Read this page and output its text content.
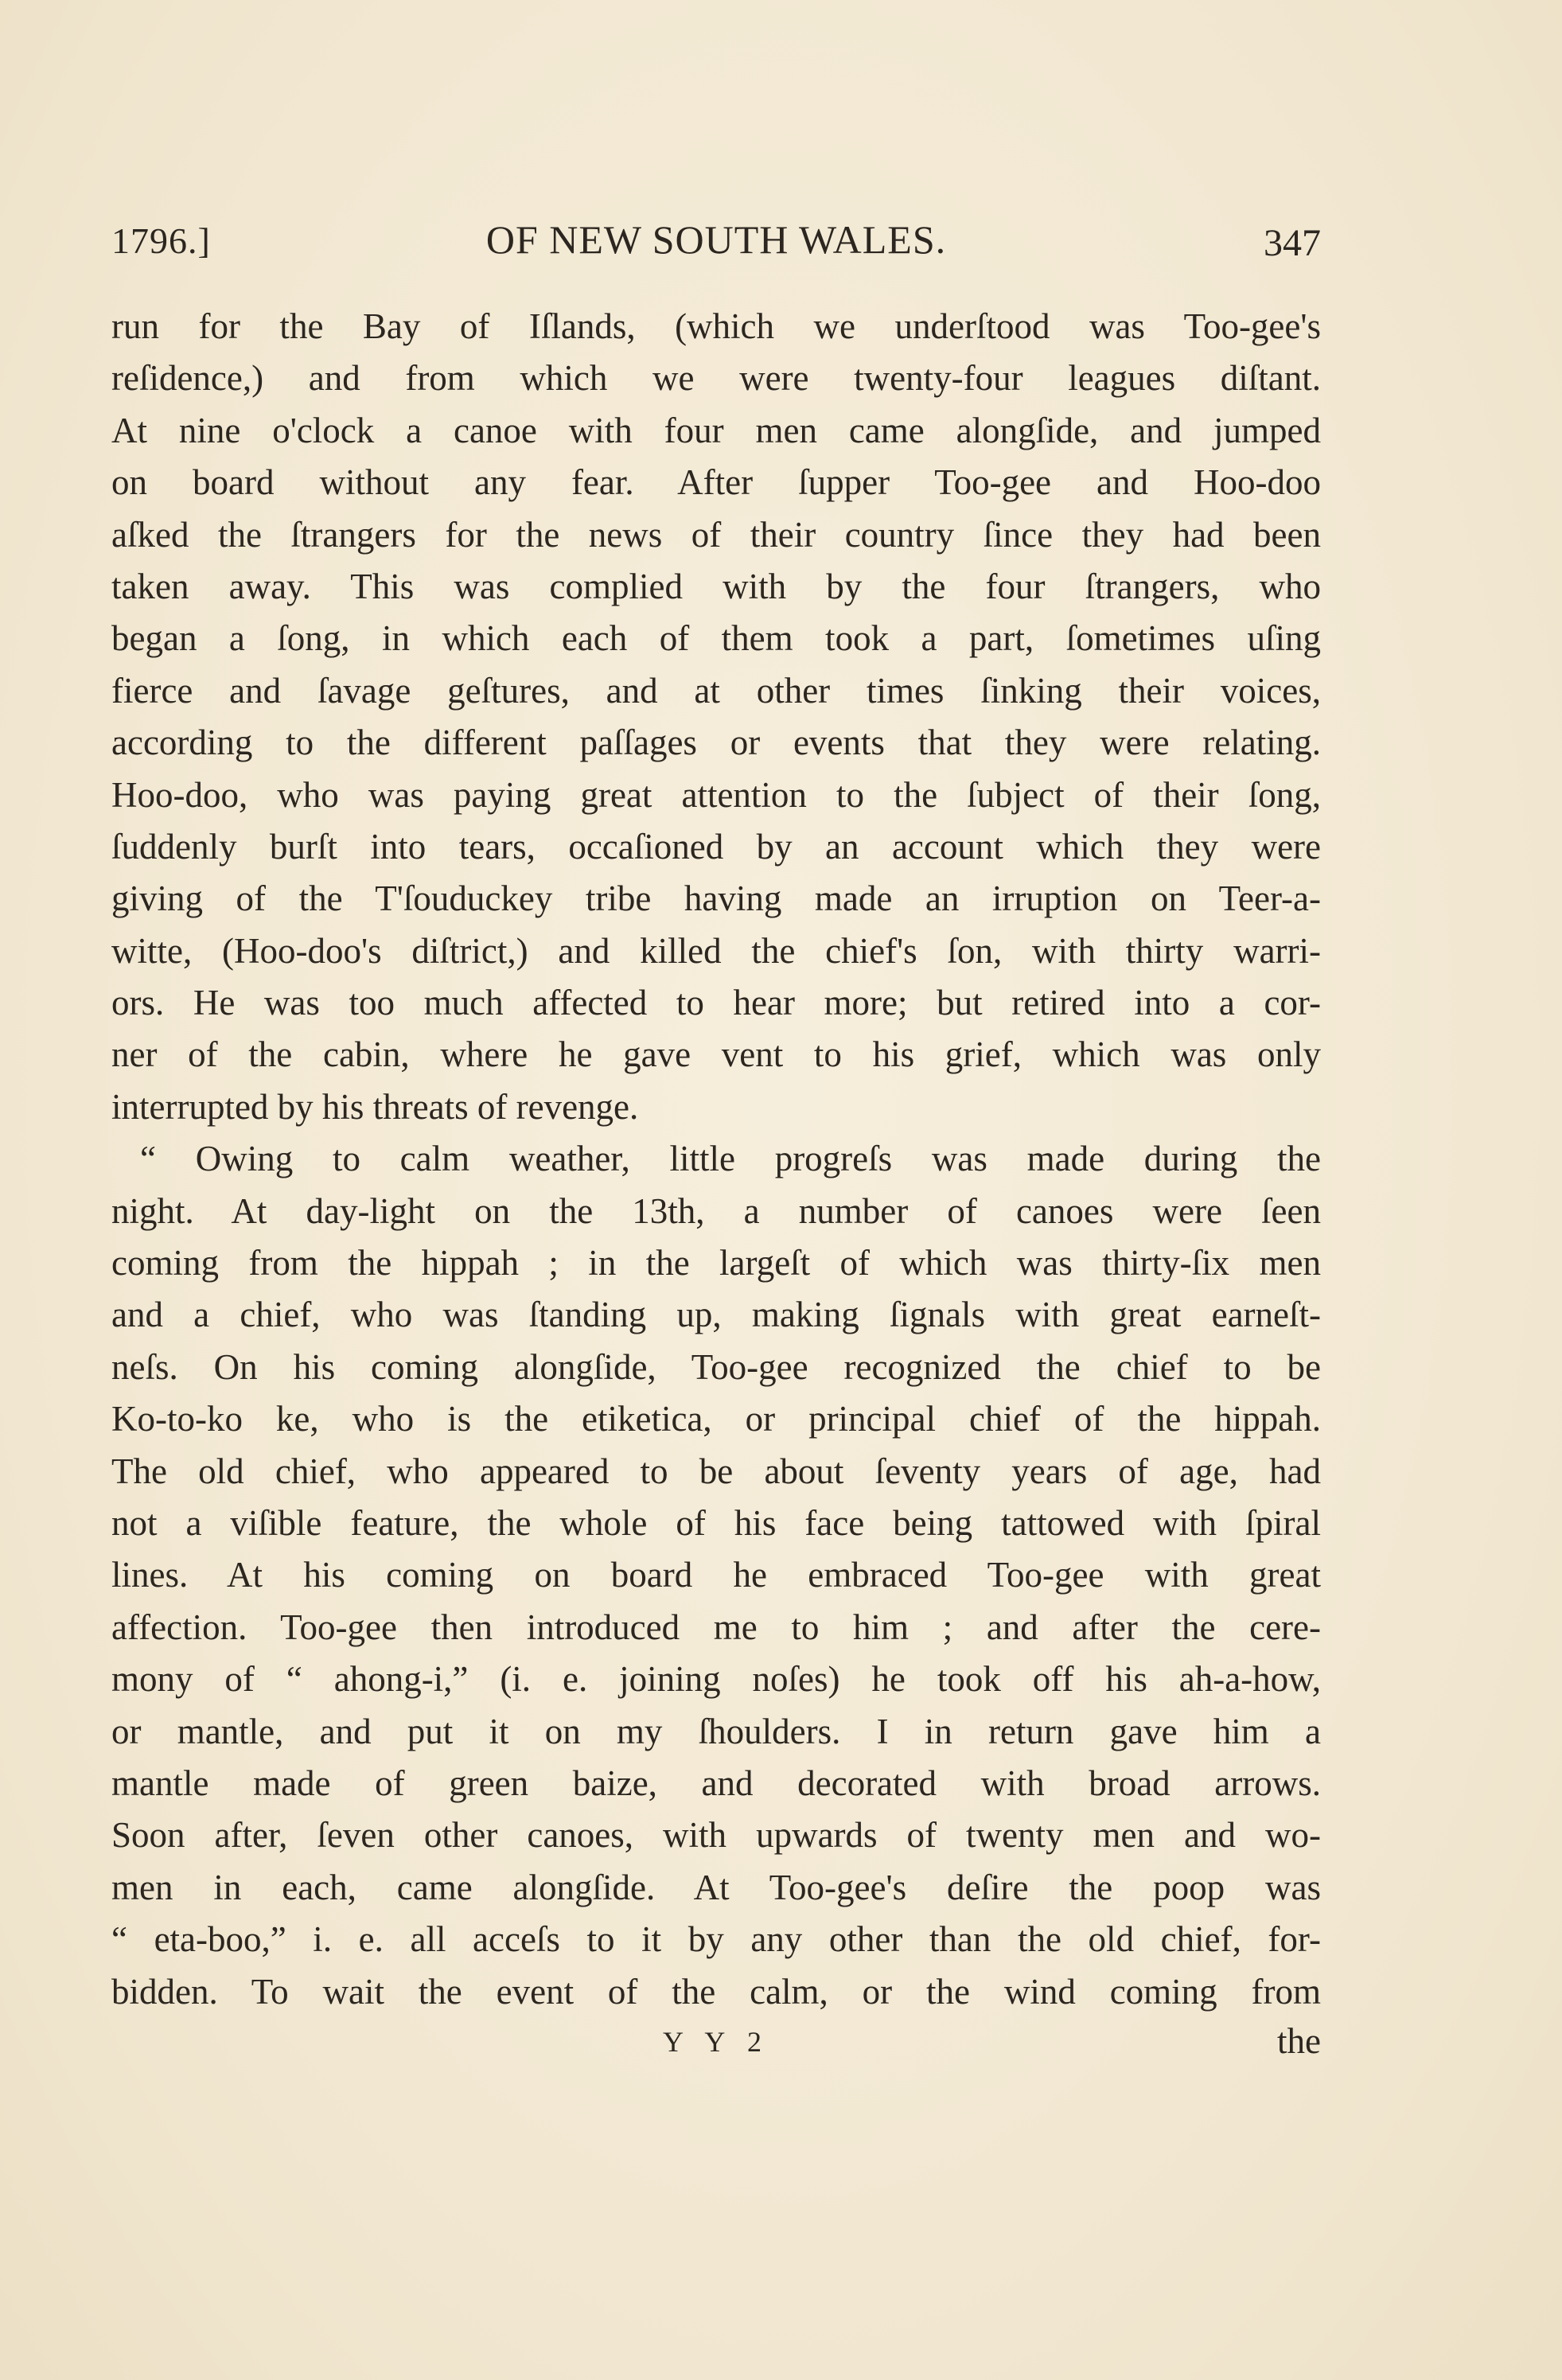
1796.]	OF NEW SOUTH WALES.	347
run for the Bay of Iſlands, (which we underſtood was Too-gee's
reſidence,) and from which we were twenty-four leagues diſtant.
At nine o'clock a canoe with four men came alongſide, and jumped
on board without any fear. After ſupper Too-gee and Hoo-doo
aſked the ſtrangers for the news of their country ſince they had been
taken away. This was complied with by the four ſtrangers, who
began a ſong, in which each of them took a part, ſometimes uſing
fierce and ſavage geſtures, and at other times ſinking their voices,
according to the different paſſages or events that they were relating.
Hoo-doo, who was paying great attention to the ſubject of their ſong,
ſuddenly burſt into tears, occaſioned by an account which they were
giving of the T'ſouduckey tribe having made an irruption on Teer-a-
witte, (Hoo-doo's diſtrict,) and killed the chief's ſon, with thirty warri-
ors. He was too much affected to hear more; but retired into a cor-
ner of the cabin, where he gave vent to his grief, which was only
interrupted by his threats of revenge.
“ Owing to calm weather, little progreſs was made during the
night. At day-light on the 13th, a number of canoes were ſeen
coming from the hippah ; in the largeſt of which was thirty-ſix men
and a chief, who was ſtanding up, making ſignals with great earneſt-
neſs. On his coming alongſide, Too-gee recognized the chief to be
Ko-to-ko ke, who is the etiketica, or principal chief of the hippah.
The old chief, who appeared to be about ſeventy years of age, had
not a viſible feature, the whole of his face being tattowed with ſpiral
lines. At his coming on board he embraced Too-gee with great
affection. Too-gee then introduced me to him ; and after the cere-
mony of “ ahong-i,” (i. e. joining noſes) he took off his ah-a-how,
or mantle, and put it on my ſhoulders. I in return gave him a
mantle made of green baize, and decorated with broad arrows.
Soon after, ſeven other canoes, with upwards of twenty men and wo-
men in each, came alongſide. At Too-gee's deſire the poop was
“ eta-boo,” i. e. all acceſs to it by any other than the old chief, for-
bidden. To wait the event of the calm, or the wind coming from
Y Y 2	the
